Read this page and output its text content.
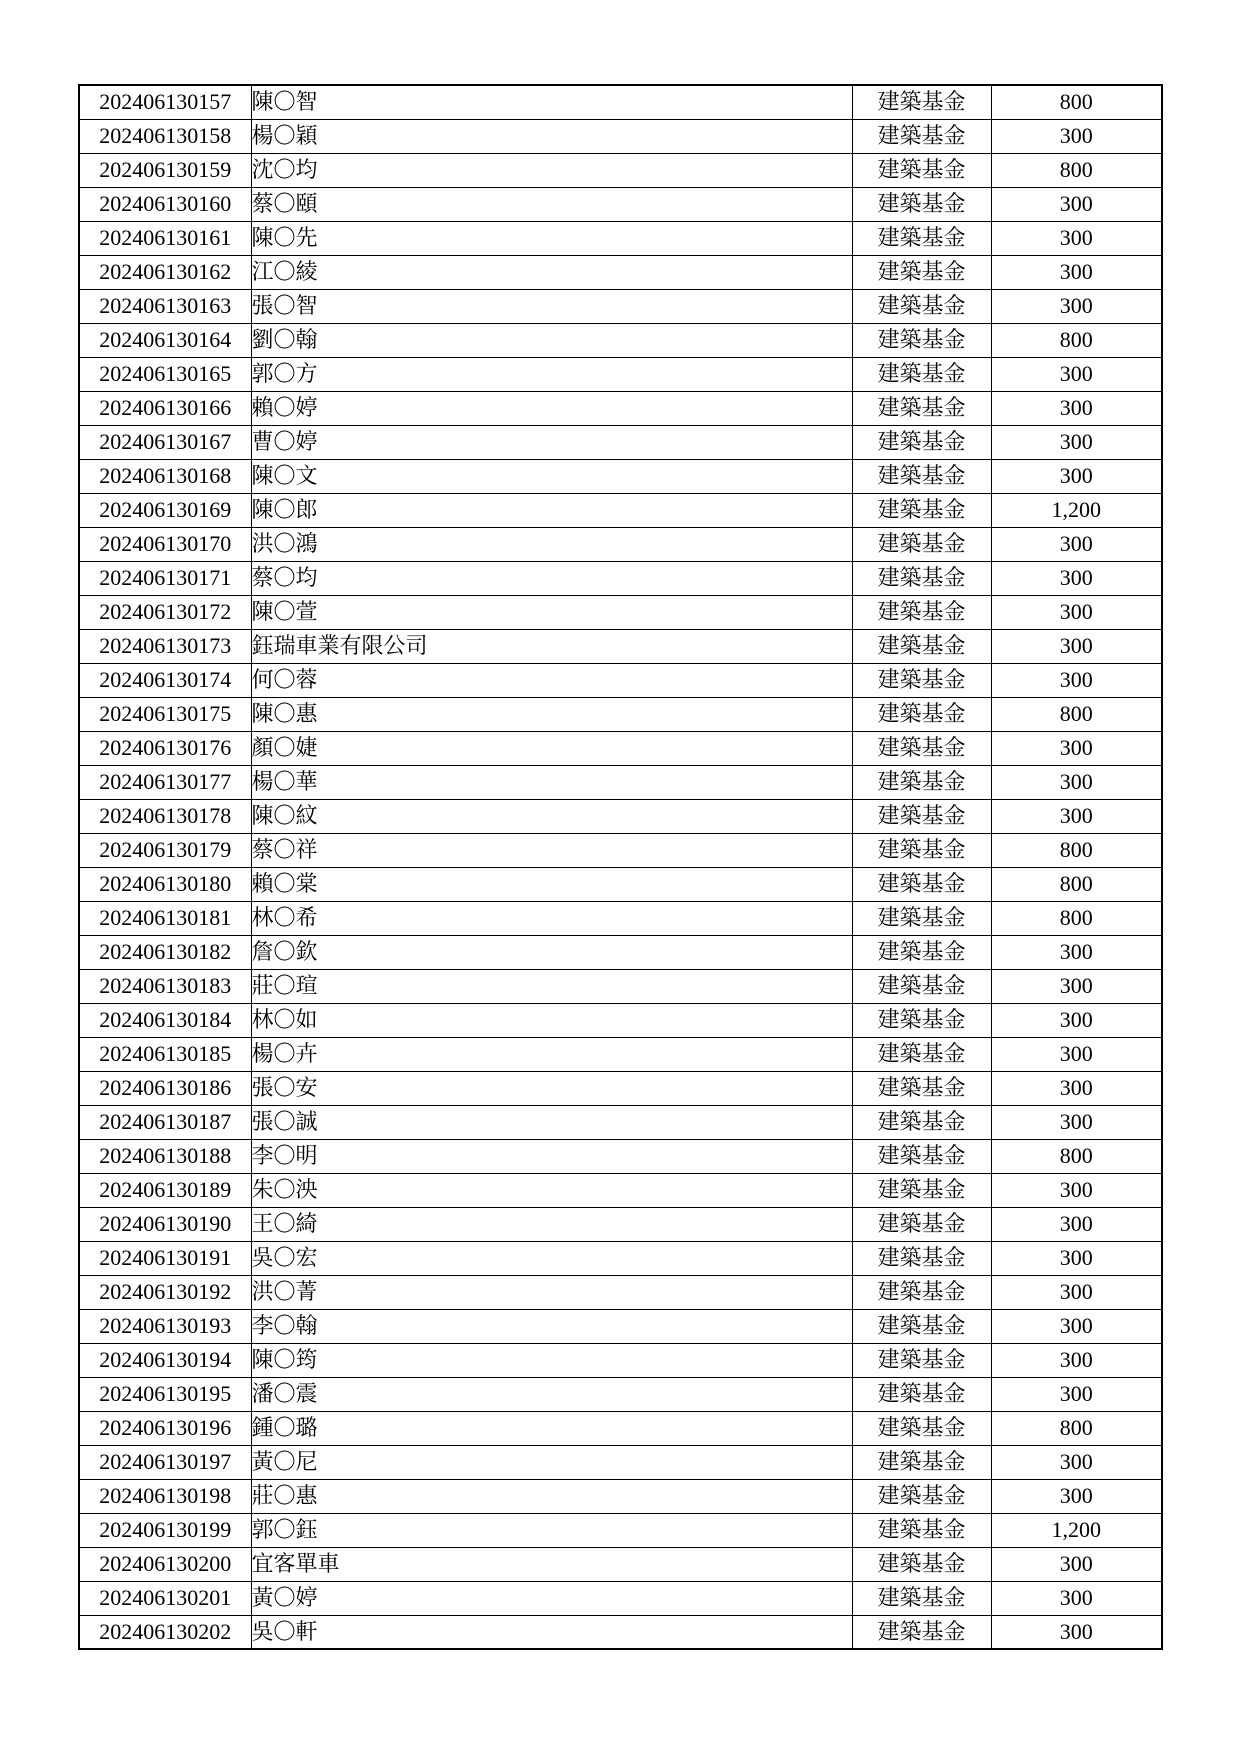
202406130157	陳〇智	建築基金	800
202406130158	楊〇穎	建築基金	300
202406130159	沈〇均	建築基金	800
202406130160	蔡〇頤	建築基金	300
202406130161	陳〇先	建築基金	300
202406130162	江〇綾	建築基金	300
202406130163	張〇智	建築基金	300
202406130164	劉〇翰	建築基金	800
202406130165	郭〇方	建築基金	300
202406130166	賴〇婷	建築基金	300
202406130167	曹〇婷	建築基金	300
202406130168	陳〇文	建築基金	300
202406130169	陳〇郎	建築基金	1,200
202406130170	洪〇鴻	建築基金	300
202406130171	蔡〇均	建築基金	300
202406130172	陳〇萱	建築基金	300
202406130173	鈺瑞車業有限公司	建築基金	300
202406130174	何〇蓉	建築基金	300
202406130175	陳〇惠	建築基金	800
202406130176	顏〇婕	建築基金	300
202406130177	楊〇華	建築基金	300
202406130178	陳〇紋	建築基金	300
202406130179	蔡〇祥	建築基金	800
202406130180	賴〇棠	建築基金	800
202406130181	林〇希	建築基金	800
202406130182	詹〇欽	建築基金	300
202406130183	莊〇瑄	建築基金	300
202406130184	林〇如	建築基金	300
202406130185	楊〇卉	建築基金	300
202406130186	張〇安	建築基金	300
202406130187	張〇誠	建築基金	300
202406130188	李〇明	建築基金	800
202406130189	朱〇泱	建築基金	300
202406130190	王〇綺	建築基金	300
202406130191	吳〇宏	建築基金	300
202406130192	洪〇菁	建築基金	300
202406130193	李〇翰	建築基金	300
202406130194	陳〇筠	建築基金	300
202406130195	潘〇震	建築基金	300
202406130196	鍾〇璐	建築基金	800
202406130197	黃〇尼	建築基金	300
202406130198	莊〇惠	建築基金	300
202406130199	郭〇鈺	建築基金	1,200
202406130200	宜客單車	建築基金	300
202406130201	黃〇婷	建築基金	300
202406130202	吳〇軒	建築基金	300
